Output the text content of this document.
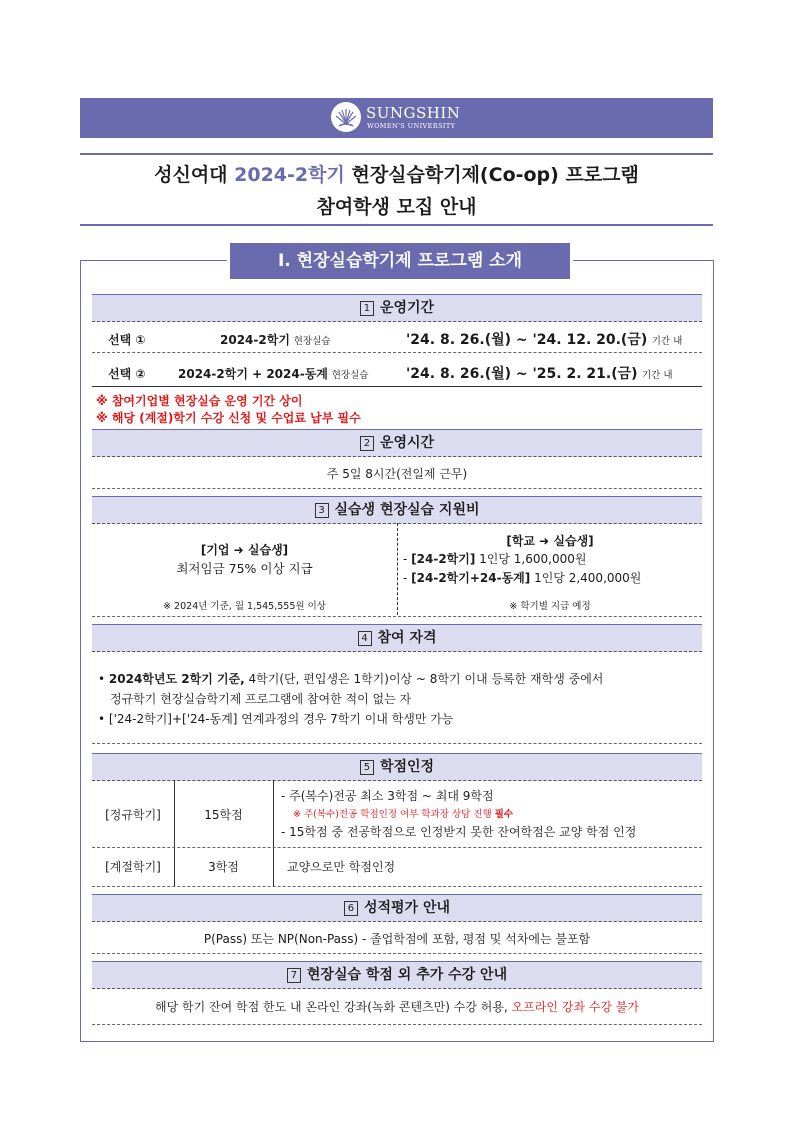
SUNGSHIN
WOMEN'S UNIVERSITY
성신여대 2024-2학기 현장실습학기제(Co-op) 프로그램
참여학생 모집 안내
Ⅰ. 현장실습학기제 프로그램 소개
1 운영기간
선택 ①	2024-2학기 현장실습	'24. 8. 26.(월) ~ '24. 12. 20.(금) 기간 내
선택 ②	2024-2학기 + 2024-동계 현장실습	'24. 8. 26.(월) ~ '25. 2. 21.(금) 기간 내
※ 참여기업별 현장실습 운영 기간 상이
※ 해당 (계절)학기 수강 신청 및 수업료 납부 필수
2 운영시간
주 5일 8시간(전일제 근무)
3 실습생 현장실습 지원비
[기업 ➜ 실습생]
최저임금 75% 이상 지급
※ 2024년 기준, 월 1,545,555원 이상
[학교 ➜ 실습생]
- [24-2학기] 1인당 1,600,000원
- [24-2학기+24-동계] 1인당 2,400,000원
※ 학기별 지급 예정
4 참여 자격
• 2024학년도 2학기 기준, 4학기(단, 편입생은 1학기)이상 ~ 8학기 이내 등록한 재학생 중에서
정규학기 현장실습학기제 프로그램에 참여한 적이 없는 자
• ['24-2학기]+['24-동계] 연계과정의 경우 7학기 이내 학생만 가능
5 학점인정
[정규학기]	15학점
- 주(복수)전공 최소 3학점 ~ 최대 9학점
※ 주(복수)전공 학점인정 여부 학과장 상담 진행 필수
- 15학점 중 전공학점으로 인정받지 못한 잔여학점은 교양 학점 인정
[계절학기]	3학점	교양으로만 학점인정
6 성적평가 안내
P(Pass) 또는 NP(Non-Pass) - 졸업학점에 포함, 평점 및 석차에는 불포함
7 현장실습 학점 외 추가 수강 안내
해당 학기 잔여 학점 한도 내 온라인 강좌(녹화 콘텐츠만) 수강 허용, 오프라인 강좌 수강 불가
